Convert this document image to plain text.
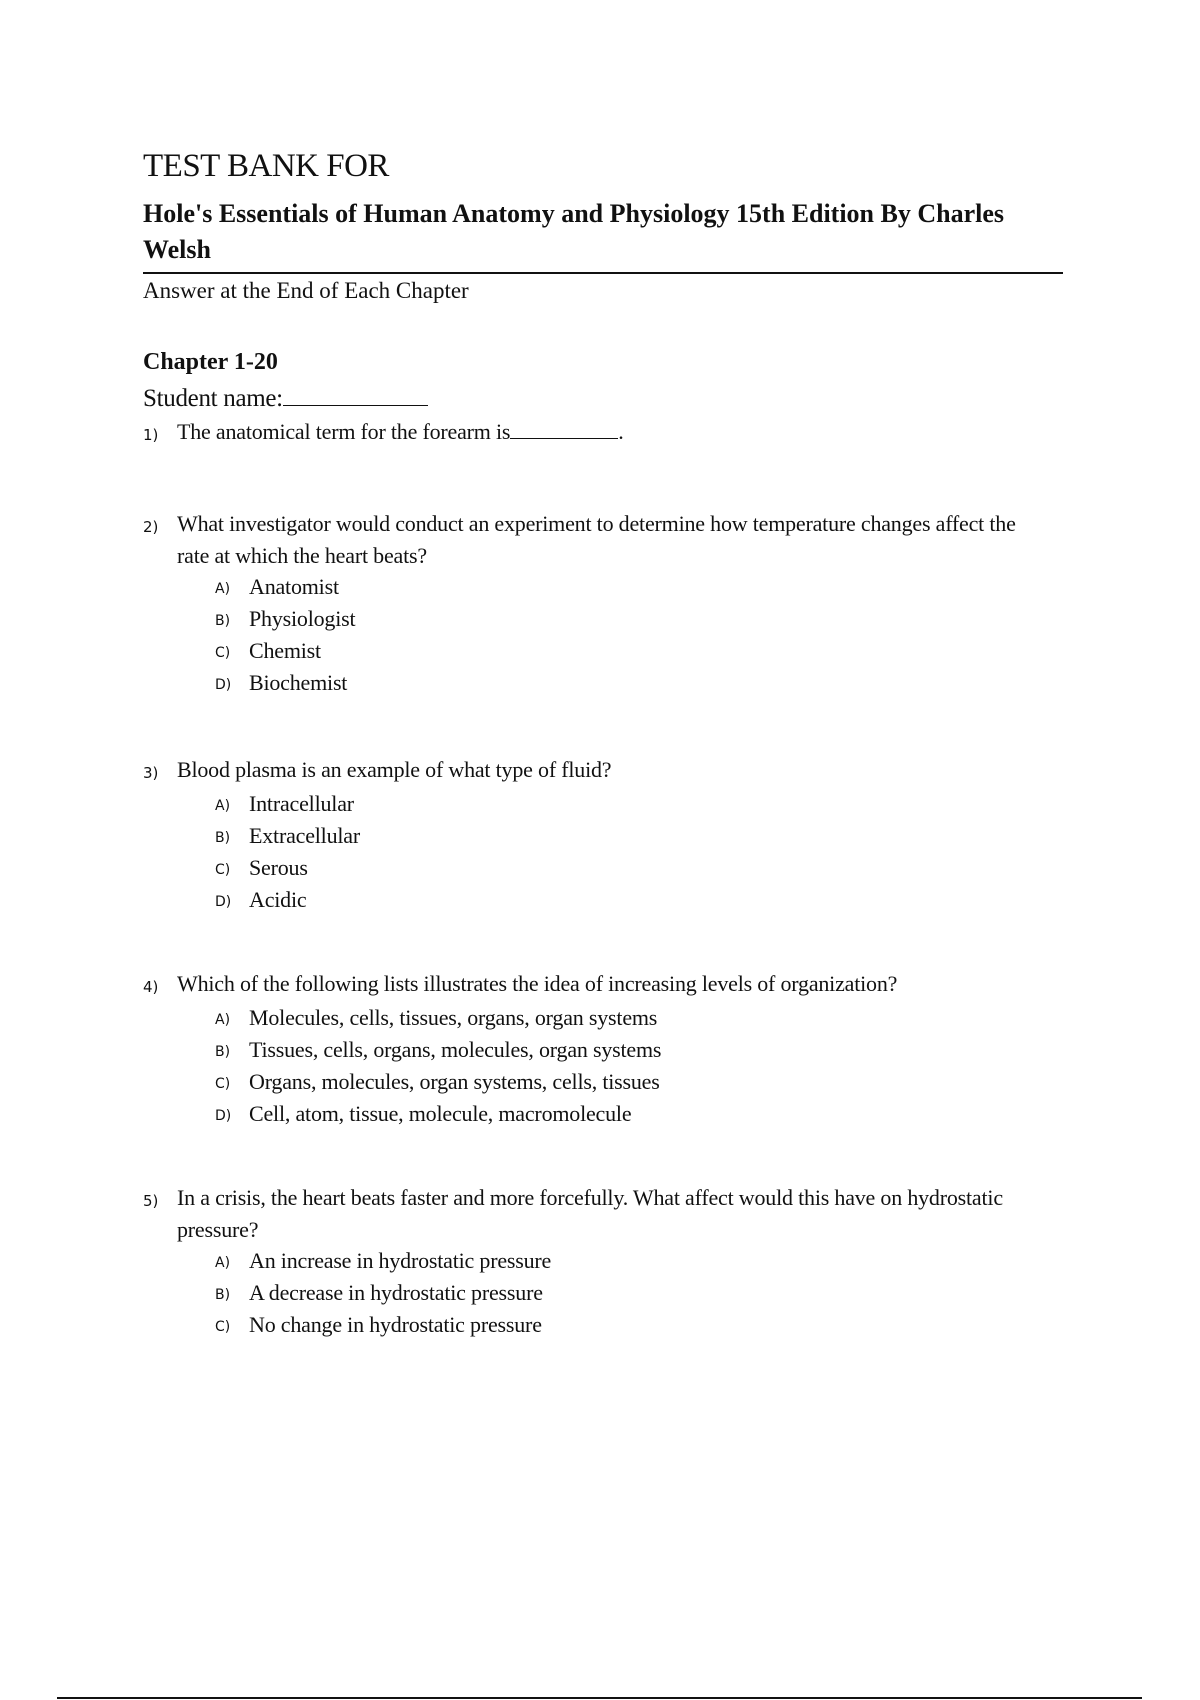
TEST BANK FOR
Hole's Essentials of Human Anatomy and Physiology 15th Edition By Charles Welsh

Answer at the End of Each Chapter

Chapter 1-20

Student name:

1) The anatomical term for the forearm is	.
2) What investigator would conduct an experiment to determine how temperature changes affect the rate at which the heart beats?
A) Anatomist
B) Physiologist
C) Chemist
D) Biochemist
3) Blood plasma is an example of what type of fluid?
A) Intracellular
B) Extracellular
C) Serous
D) Acidic
4) Which of the following lists illustrates the idea of increasing levels of organization?
A) Molecules, cells, tissues, organs, organ systems
B) Tissues, cells, organs, molecules, organ systems
C) Organs, molecules, organ systems, cells, tissues
D) Cell, atom, tissue, molecule, macromolecule
5) In a crisis, the heart beats faster and more forcefully. What affect would this have on hydrostatic pressure?
A) An increase in hydrostatic pressure
B) A decrease in hydrostatic pressure
C) No change in hydrostatic pressure
